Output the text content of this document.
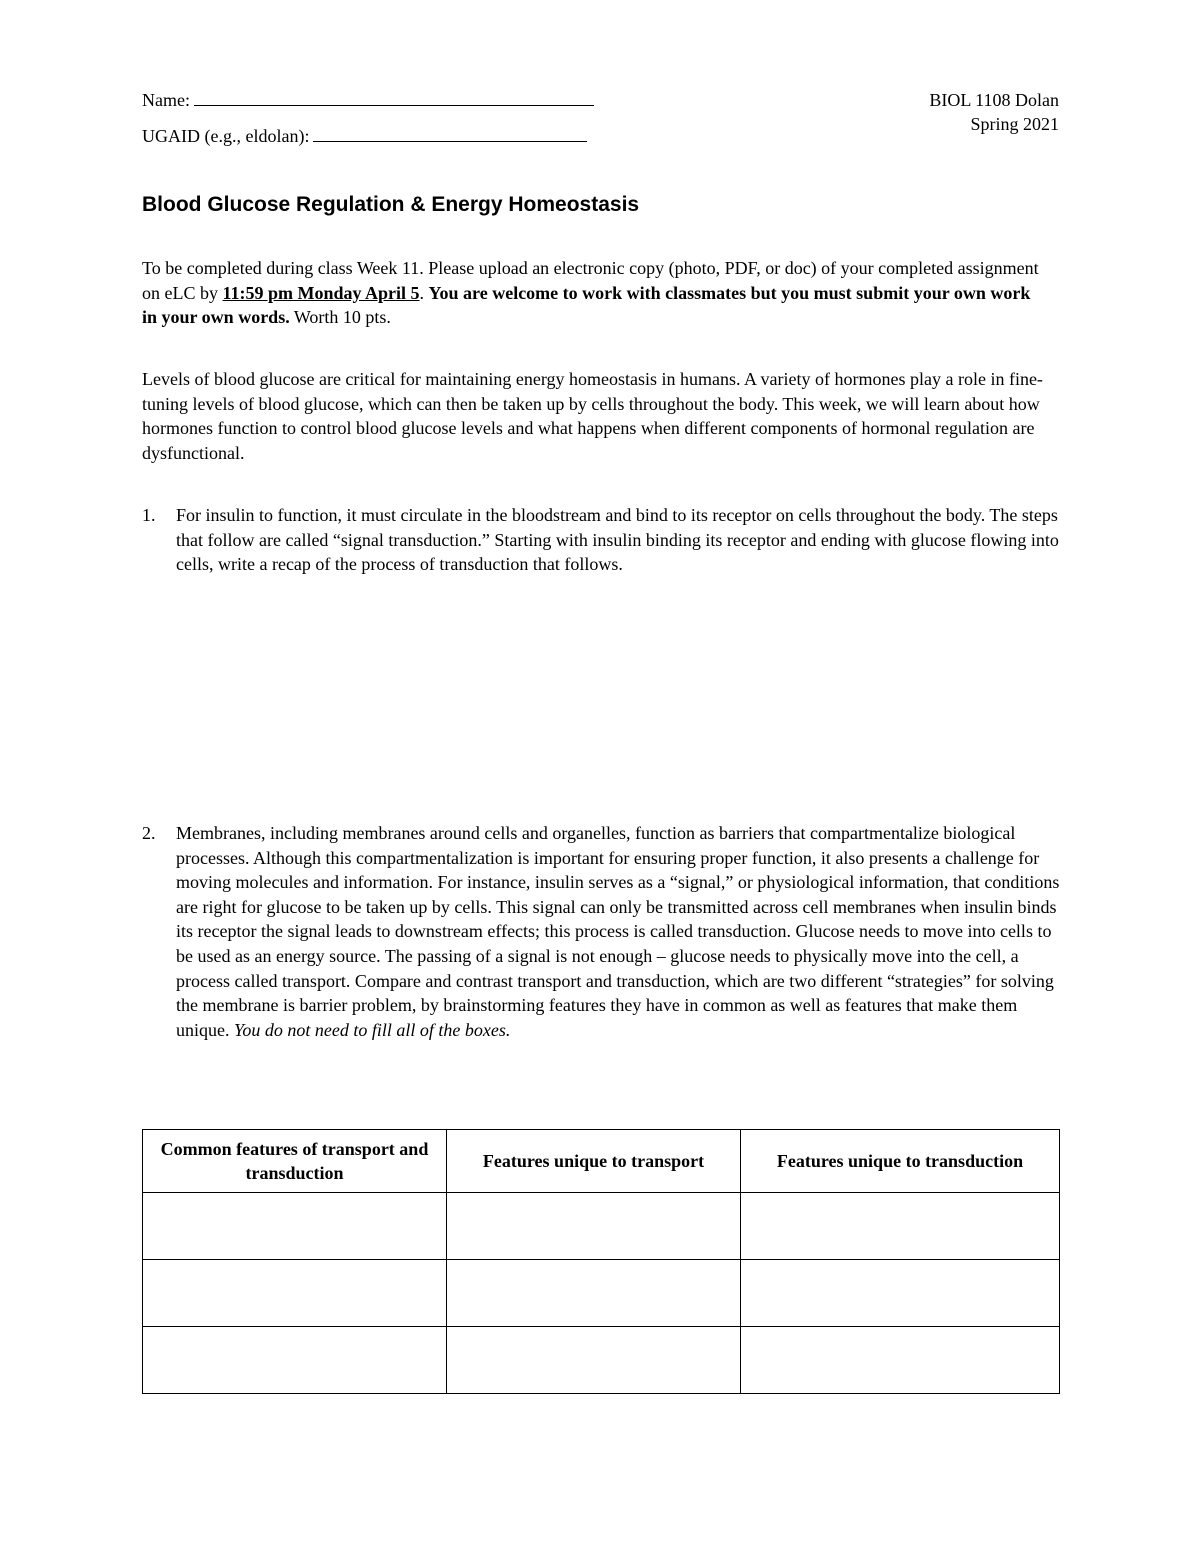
Name:
UGAID (e.g., eldolan):
BIOL 1108 Dolan
Spring 2021
Blood Glucose Regulation & Energy Homeostasis
To be completed during class Week 11. Please upload an electronic copy (photo, PDF, or doc) of your completed assignment on eLC by 11:59 pm Monday April 5. You are welcome to work with classmates but you must submit your own work in your own words. Worth 10 pts.
Levels of blood glucose are critical for maintaining energy homeostasis in humans. A variety of hormones play a role in fine-tuning levels of blood glucose, which can then be taken up by cells throughout the body. This week, we will learn about how hormones function to control blood glucose levels and what happens when different components of hormonal regulation are dysfunctional.
1.	For insulin to function, it must circulate in the bloodstream and bind to its receptor on cells throughout the body. The steps that follow are called “signal transduction.” Starting with insulin binding its receptor and ending with glucose flowing into cells, write a recap of the process of transduction that follows.
2.	Membranes, including membranes around cells and organelles, function as barriers that compartmentalize biological processes. Although this compartmentalization is important for ensuring proper function, it also presents a challenge for moving molecules and information. For instance, insulin serves as a “signal,” or physiological information, that conditions are right for glucose to be taken up by cells. This signal can only be transmitted across cell membranes when insulin binds its receptor the signal leads to downstream effects; this process is called transduction. Glucose needs to move into cells to be used as an energy source. The passing of a signal is not enough – glucose needs to physically move into the cell, a process called transport. Compare and contrast transport and transduction, which are two different “strategies” for solving the membrane is barrier problem, by brainstorming features they have in common as well as features that make them unique. You do not need to fill all of the boxes.
Common features of transport and transduction	Features unique to transport	Features unique to transduction
